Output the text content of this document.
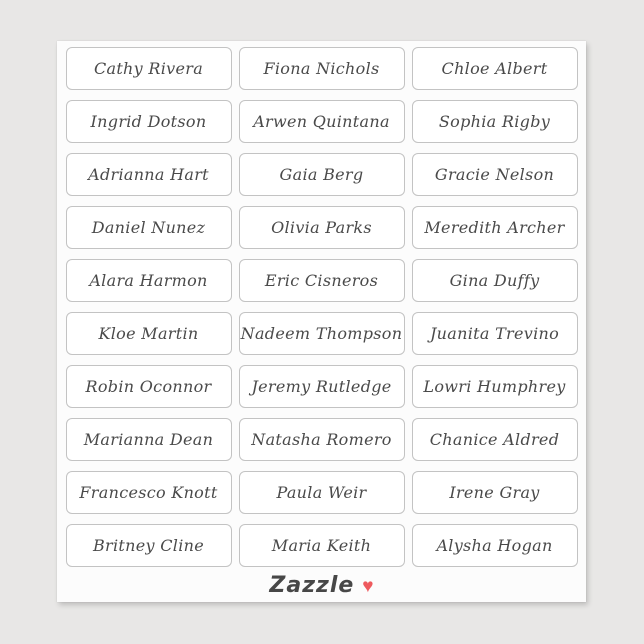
Cathy Rivera	Fiona Nichols	Chloe Albert
Ingrid Dotson	Arwen Quintana	Sophia Rigby
Adrianna Hart	Gaia Berg	Gracie Nelson
Daniel Nunez	Olivia Parks	Meredith Archer
Alara Harmon	Eric Cisneros	Gina Duffy
Kloe Martin	Nadeem Thompson	Juanita Trevino
Robin Oconnor	Jeremy Rutledge	Lowri Humphrey
Marianna Dean	Natasha Romero	Chanice Aldred
Francesco Knott	Paula Weir	Irene Gray
Britney Cline	Maria Keith	Alysha Hogan
Zazzle ♥
